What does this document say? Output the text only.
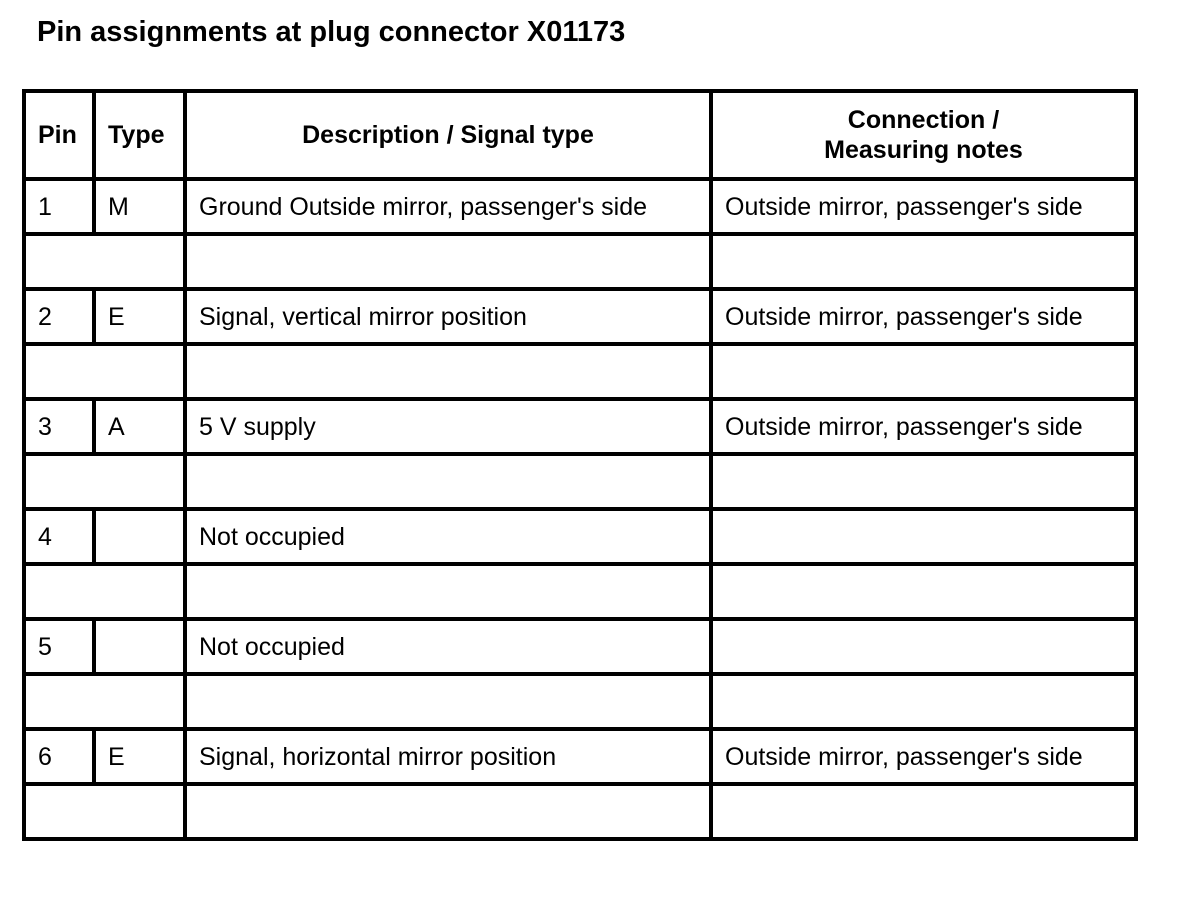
Pin assignments at plug connector X01173
Pin	Type	Description / Signal type	Connection /
Measuring notes

1	M	Ground Outside mirror, passenger's side	Outside mirror, passenger's side

2	E	Signal, vertical mirror position	Outside mirror, passenger's side

3	A	5 V supply	Outside mirror, passenger's side

4		Not occupied	

5		Not occupied	

6	E	Signal, horizontal mirror position	Outside mirror, passenger's side
